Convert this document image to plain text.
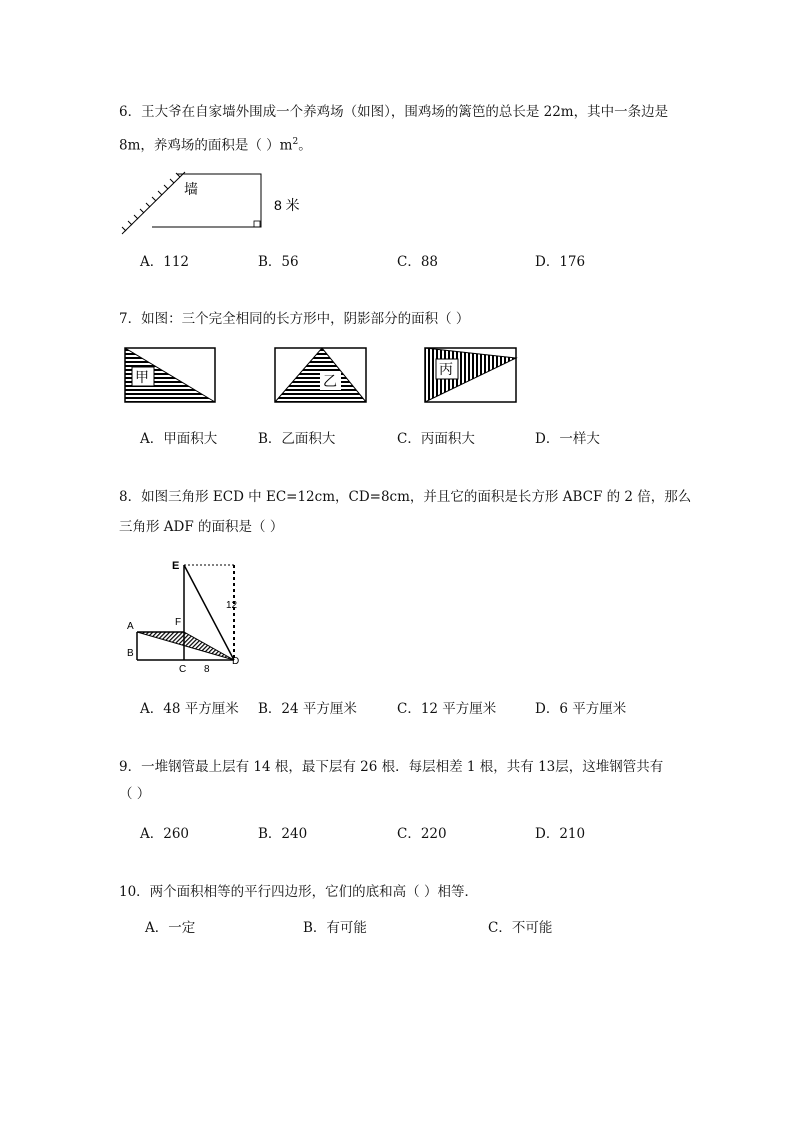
6．王大爷在自家墙外围成一个养鸡场（如图），围鸡场的篱笆的总长是 22m，其中一条边是
8m，养鸡场的面积是（ ）$m^2$。
墙
8 米
A．112	B．56	C．88	D．176
7．如图：三个完全相同的长方形中，阴影部分的面积（ ）
甲	乙
丙
A．甲面积大	B．乙面积大	C．丙面积大	D．一样大
8．如图三角形 ECD 中 EC=12cm，CD=8cm，并且它的面积是长方形 ABCF 的 2 倍，那么
三角形 ADF 的面积是（ ）
E
F
A
B
C
D
12
8
A．48 平方厘米 B．24 平方厘米	C．12 平方厘米	D．6 平方厘米
9．一堆钢管最上层有 14 根，最下层有 26 根．每层相差 1 根，共有 13层，这堆钢管共有
（ ）
A．260	B．240	C．220	D．210
10．两个面积相等的平行四边形，它们的底和高（ ）相等．
A．一定	B．有可能	C．不可能
